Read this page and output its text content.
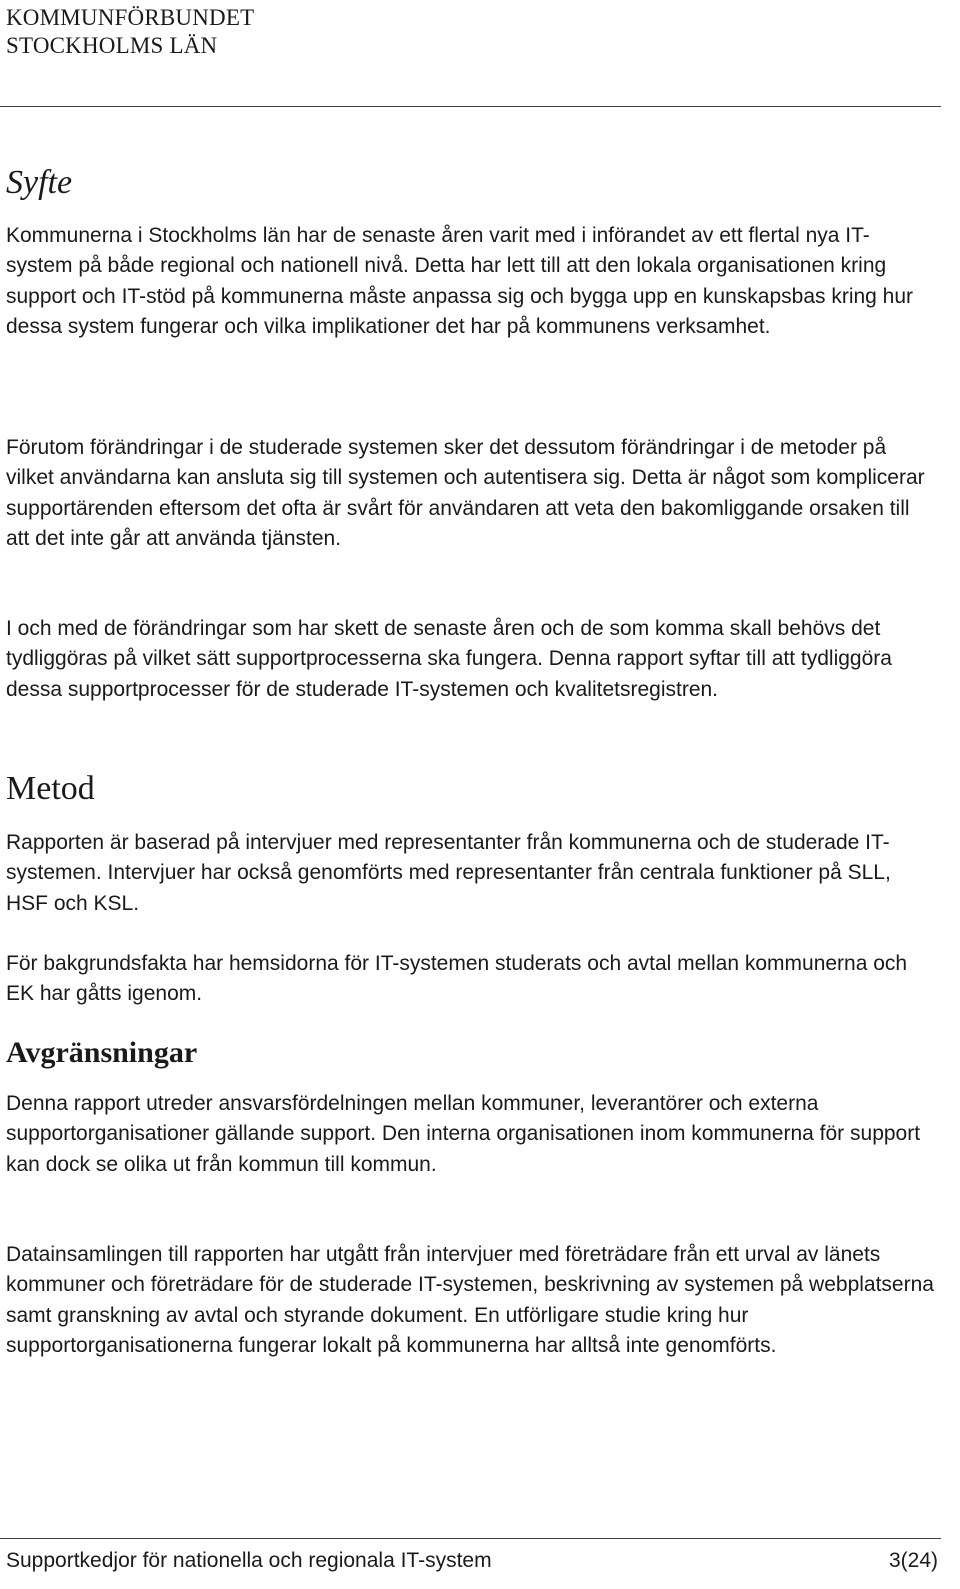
KOMMUNFÖRBUNDET
STOCKHOLMS LÄN
Syfte

Kommunerna i Stockholms län har de senaste åren varit med i införandet av ett flertal nya IT-system på både regional och nationell nivå. Detta har lett till att den lokala organisationen kring support och IT-stöd på kommunerna måste anpassa sig och bygga upp en kunskapsbas kring hur dessa system fungerar och vilka implikationer det har på kommunens verksamhet.

Förutom förändringar i de studerade systemen sker det dessutom förändringar i de metoder på vilket användarna kan ansluta sig till systemen och autentisera sig. Detta är något som komplicerar supportärenden eftersom det ofta är svårt för användaren att veta den bakomliggande orsaken till att det inte går att använda tjänsten.

I och med de förändringar som har skett de senaste åren och de som komma skall behövs det tydliggöras på vilket sätt supportprocesserna ska fungera. Denna rapport syftar till att tydliggöra dessa supportprocesser för de studerade IT-systemen och kvalitetsregistren.

Metod

Rapporten är baserad på intervjuer med representanter från kommunerna och de studerade IT-systemen. Intervjuer har också genomförts med representanter från centrala funktioner på SLL, HSF och KSL.

För bakgrundsfakta har hemsidorna för IT-systemen studerats och avtal mellan kommunerna och EK har gåtts igenom.

Avgränsningar

Denna rapport utreder ansvarsfördelningen mellan kommuner, leverantörer och externa supportorganisationer gällande support. Den interna organisationen inom kommunerna för support kan dock se olika ut från kommun till kommun.

Datainsamlingen till rapporten har utgått från intervjuer med företrädare från ett urval av länets kommuner och företrädare för de studerade IT-systemen, beskrivning av systemen på webplatserna samt granskning av avtal och styrande dokument. En utförligare studie kring hur supportorganisationerna fungerar lokalt på kommunerna har alltså inte genomförts.

Supportkedjor för nationella och regionala IT-system	3(24)
